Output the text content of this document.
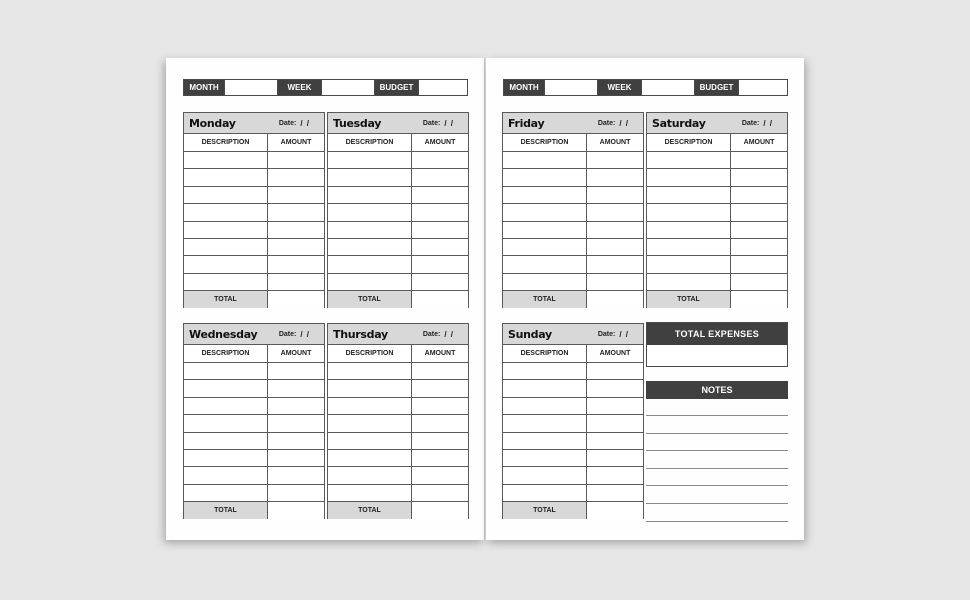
MONTH	WEEK	BUDGET
Monday	Date: / /
DESCRIPTION	AMOUNT
TOTAL
Tuesday	Date: / /
DESCRIPTION	AMOUNT
TOTAL
Wednesday	Date: / /
DESCRIPTION	AMOUNT
TOTAL
Thursday	Date: / /
DESCRIPTION	AMOUNT
TOTAL
MONTH	WEEK	BUDGET
Friday	Date: / /
DESCRIPTION	AMOUNT
TOTAL
Saturday	Date: / /
DESCRIPTION	AMOUNT
TOTAL
Sunday	Date: / /
DESCRIPTION	AMOUNT
TOTAL
TOTAL EXPENSES
NOTES
